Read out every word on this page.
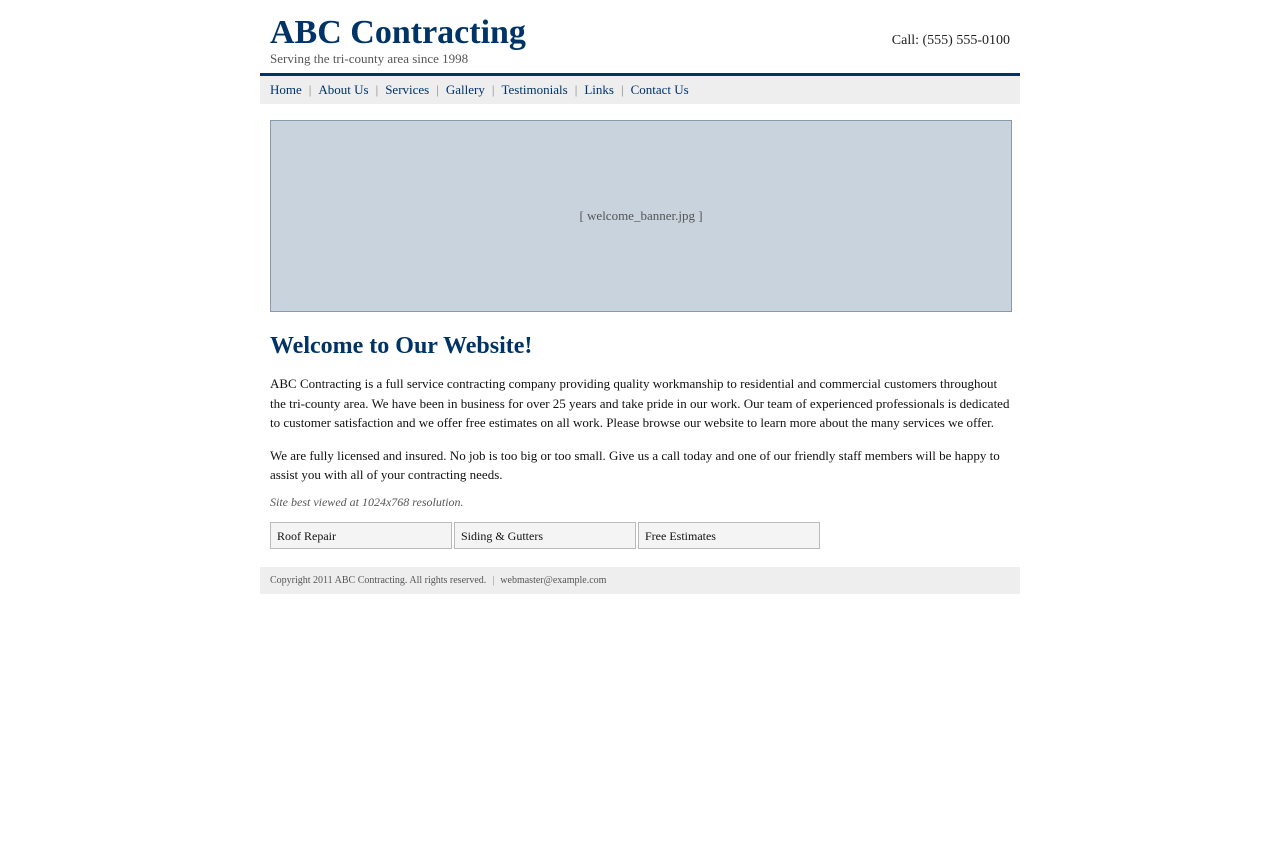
ABC Contracting
Serving the tri-county area since 1998
Call: (555) 555-0100
Home | About Us | Services | Gallery | Testimonials | Links | Contact Us
[ welcome_banner.jpg ]
Welcome to Our Website!

ABC Contracting is a full service contracting company providing quality workmanship to residential and commercial customers throughout the tri-county area. We have been in business for over 25 years and take pride in our work. Our team of experienced professionals is dedicated to customer satisfaction and we offer free estimates on all work. Please browse our website to learn more about the many services we offer.

We are fully licensed and insured. No job is too big or too small. Give us a call today and one of our friendly staff members will be happy to assist you with all of your contracting needs.

Site best viewed at 1024x768 resolution.
Roof Repair	Siding & Gutters	Free Estimates
Copyright 2011 ABC Contracting. All rights reserved. | webmaster@example.com
